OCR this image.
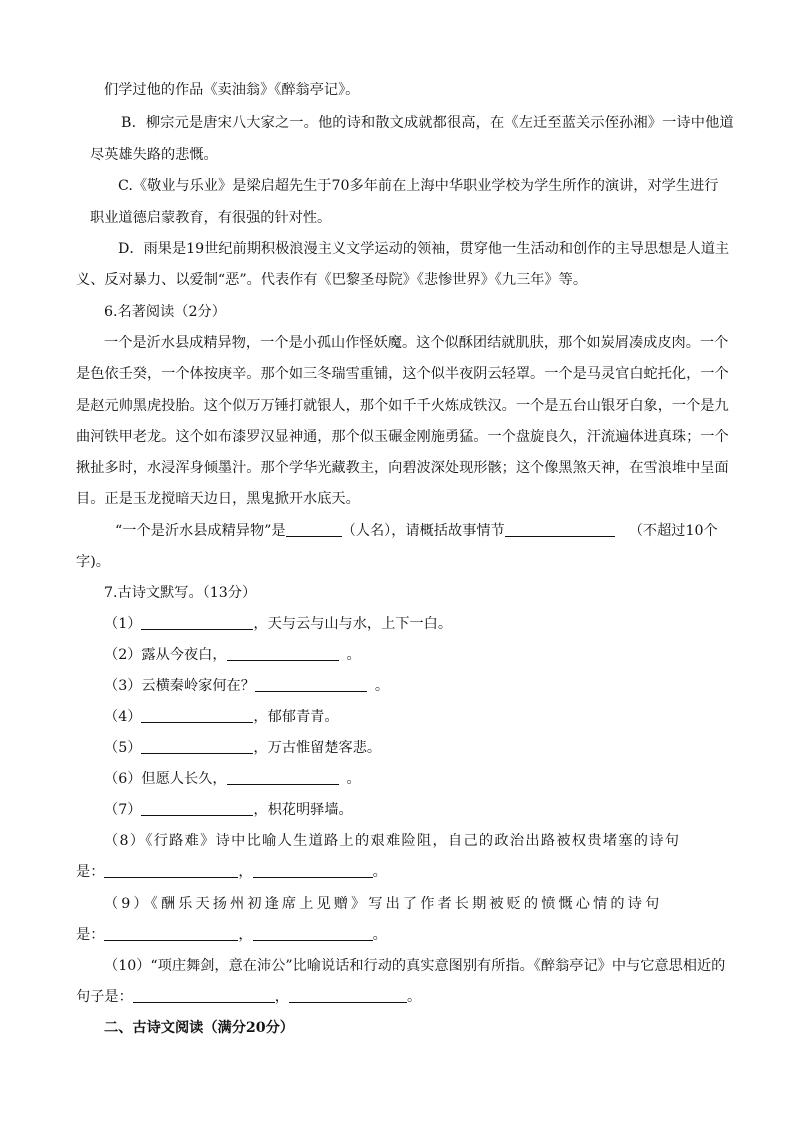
们学过他的作品《卖油翁》《醉翁亭记》。
B．柳宗元是唐宋八大家之一。他的诗和散文成就都很高，在《左迁至蓝关示侄孙湘》一诗中他道
尽英雄失路的悲慨。
C.《敬业与乐业》是梁启超先生于70多年前在上海中华职业学校为学生所作的演讲，对学生进行
职业道德启蒙教育，有很强的针对性。
D．雨果是19世纪前期积极浪漫主义文学运动的领袖，贯穿他一生活动和创作的主导思想是人道主
义、反对暴力、以爱制“恶”。代表作有《巴黎圣母院》《悲惨世界》《九三年》等。
6.名著阅读（2分）
一个是沂水县成精异物，一个是小孤山作怪妖魔。这个似酥团结就肌肤，那个如炭屑凑成皮肉。一个
是色依壬癸，一个体按庚辛。那个如三冬瑞雪重铺，这个似半夜阴云轻罩。一个是马灵官白蛇托化，一个
是赵元帅黑虎投胎。这个似万万锤打就银人，那个如千千火炼成铁汉。一个是五台山银牙白象，一个是九
曲河铁甲老龙。这个如布漆罗汉显神通，那个似玉碾金刚施勇猛。一个盘旋良久，汗流遍体进真珠；一个
揪扯多时，水浸浑身倾墨汁。那个学华光藏教主，向碧波深处现形骸；这个像黑煞天神，在雪浪堆中呈面
目。正是玉龙搅暗天边日，黑鬼掀开水底天。
“一个是沂水县成精异物”是	（人名），请概括故事情节	（不超过10个
字)。
7.古诗文默写。（13分）
（1）	，天与云与山与水，上下一白。
（2）露从今夜白，	。
（3）云横秦岭家何在？	。
（4）	，郁郁青青。
（5）	，万古惟留楚客悲。
（6）但愿人长久，	。
（7）	，枳花明驿墙。
（8）《行路难》诗中比喻人生道路上的艰难险阻，自己的政治出路被权贵堵塞的诗句
是：	，	。
（9）《酬乐天扬州初逢席上见赠》写出了作者长期被贬的愤慨心情的诗句
是：	，	。
（10）“项庄舞剑，意在沛公”比喻说话和行动的真实意图别有所指。《醉翁亭记》中与它意思相近的
句子是：	，	。
二、古诗文阅读（满分20分）
